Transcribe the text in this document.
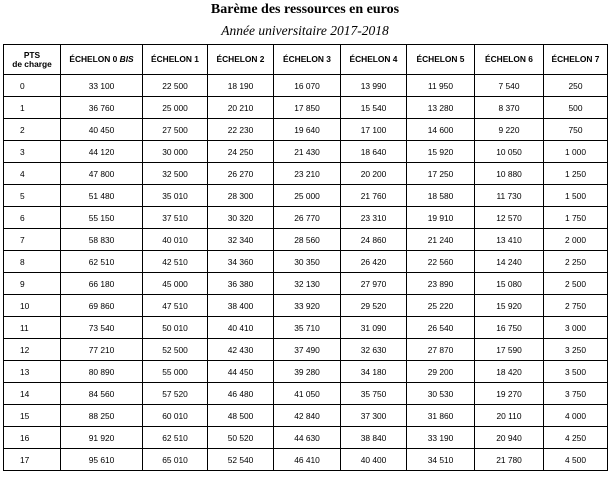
Barème des ressources en euros
Année universitaire 2017-2018
PTS
de charge	ÉCHELON 0 BIS	ÉCHELON 1	ÉCHELON 2	ÉCHELON 3	ÉCHELON 4	ÉCHELON 5	ÉCHELON 6	ÉCHELON 7
0	33 100	22 500	18 190	16 070	13 990	11 950	7 540	250
1	36 760	25 000	20 210	17 850	15 540	13 280	8 370	500
2	40 450	27 500	22 230	19 640	17 100	14 600	9 220	750
3	44 120	30 000	24 250	21 430	18 640	15 920	10 050	1 000
4	47 800	32 500	26 270	23 210	20 200	17 250	10 880	1 250
5	51 480	35 010	28 300	25 000	21 760	18 580	11 730	1 500
6	55 150	37 510	30 320	26 770	23 310	19 910	12 570	1 750
7	58 830	40 010	32 340	28 560	24 860	21 240	13 410	2 000
8	62 510	42 510	34 360	30 350	26 420	22 560	14 240	2 250
9	66 180	45 000	36 380	32 130	27 970	23 890	15 080	2 500
10	69 860	47 510	38 400	33 920	29 520	25 220	15 920	2 750
11	73 540	50 010	40 410	35 710	31 090	26 540	16 750	3 000
12	77 210	52 500	42 430	37 490	32 630	27 870	17 590	3 250
13	80 890	55 000	44 450	39 280	34 180	29 200	18 420	3 500
14	84 560	57 520	46 480	41 050	35 750	30 530	19 270	3 750
15	88 250	60 010	48 500	42 840	37 300	31 860	20 110	4 000
16	91 920	62 510	50 520	44 630	38 840	33 190	20 940	4 250
17	95 610	65 010	52 540	46 410	40 400	34 510	21 780	4 500
